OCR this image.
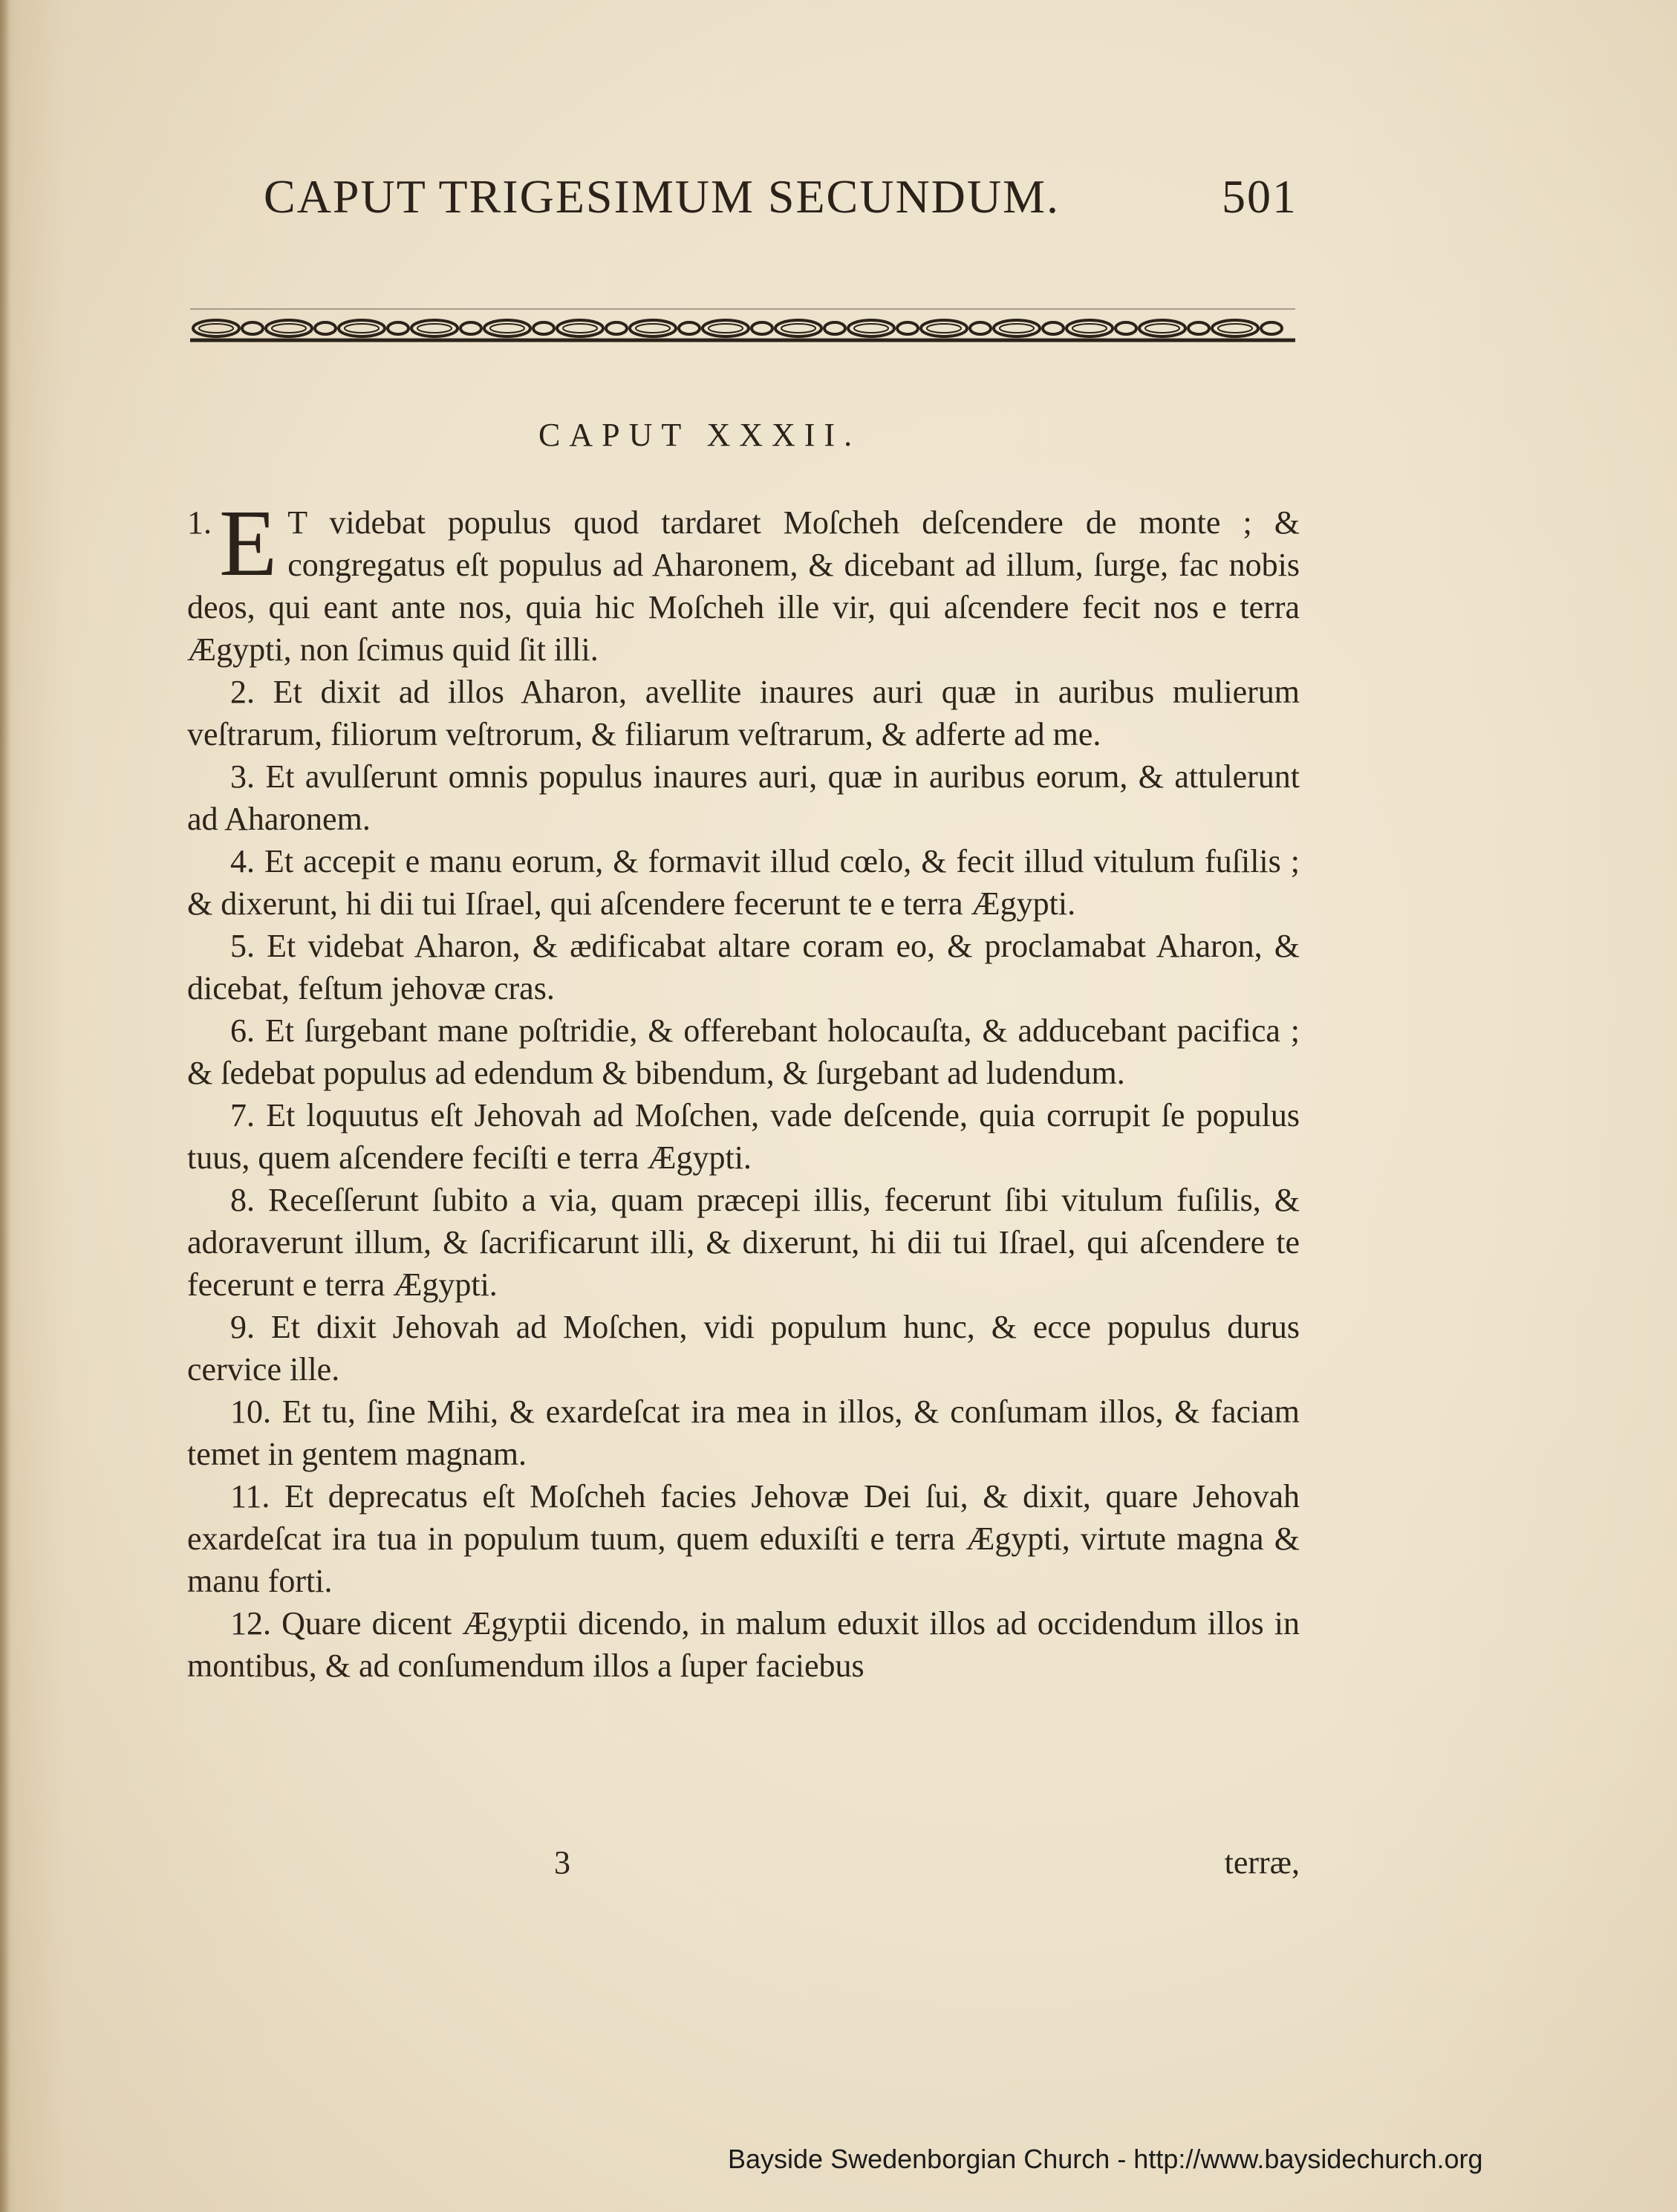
CAPUT TRIGESIMUM SECUNDUM.	501
CAPUT XXXII.

1. E T videbat populus quod tardaret Moſcheh deſcendere de monte ; & congregatus eſt populus ad Aharonem, & dicebant ad illum, ſurge, fac nobis deos, qui eant ante nos, quia hic Moſcheh ille vir, qui aſcendere fecit nos e terra Ægypti, non ſcimus quid ſit illi.

2. Et dixit ad illos Aharon, avellite inaures auri quæ in auribus mulierum veſtrarum, filiorum veſtrorum, & filiarum veſtrarum, & adferte ad me.

3. Et avulſerunt omnis populus inaures auri, quæ in auribus eorum, & attulerunt ad Aharonem.

4. Et accepit e manu eorum, & formavit illud cœlo, & fecit illud vitulum fuſilis ; & dixerunt, hi dii tui Iſrael, qui aſcendere fecerunt te e terra Ægypti.

5. Et videbat Aharon, & ædificabat altare coram eo, & proclamabat Aharon, & dicebat, feſtum jehovæ cras.

6. Et ſurgebant mane poſtridie, & offerebant holocauſta, & adducebant pacifica ; & ſedebat populus ad edendum & bibendum, & ſurgebant ad ludendum.

7. Et loquutus eſt Jehovah ad Moſchen, vade deſcende, quia corrupit ſe populus tuus, quem aſcendere feciſti e terra Ægypti.

8. Receſſerunt ſubito a via, quam præcepi illis, fecerunt ſibi vitulum fuſilis, & adoraverunt illum, & ſacrificarunt illi, & dixerunt, hi dii tui Iſrael, qui aſcendere te fecerunt e terra Ægypti.

9. Et dixit Jehovah ad Moſchen, vidi populum hunc, & ecce populus durus cervice ille.

10. Et tu, ſine Mihi, & exardeſcat ira mea in illos, & conſumam illos, & faciam temet in gentem magnam.

11. Et deprecatus eſt Moſcheh facies Jehovæ Dei ſui, & dixit, quare Jehovah exardeſcat ira tua in populum tuum, quem eduxiſti e terra Ægypti, virtute magna & manu forti.

12. Quare dicent Ægyptii dicendo, in malum eduxit illos ad occidendum illos in montibus, & ad conſumendum illos a ſuper faciebus

3	terræ,
Bayside Swedenborgian Church - http://www.baysidechurch.org
